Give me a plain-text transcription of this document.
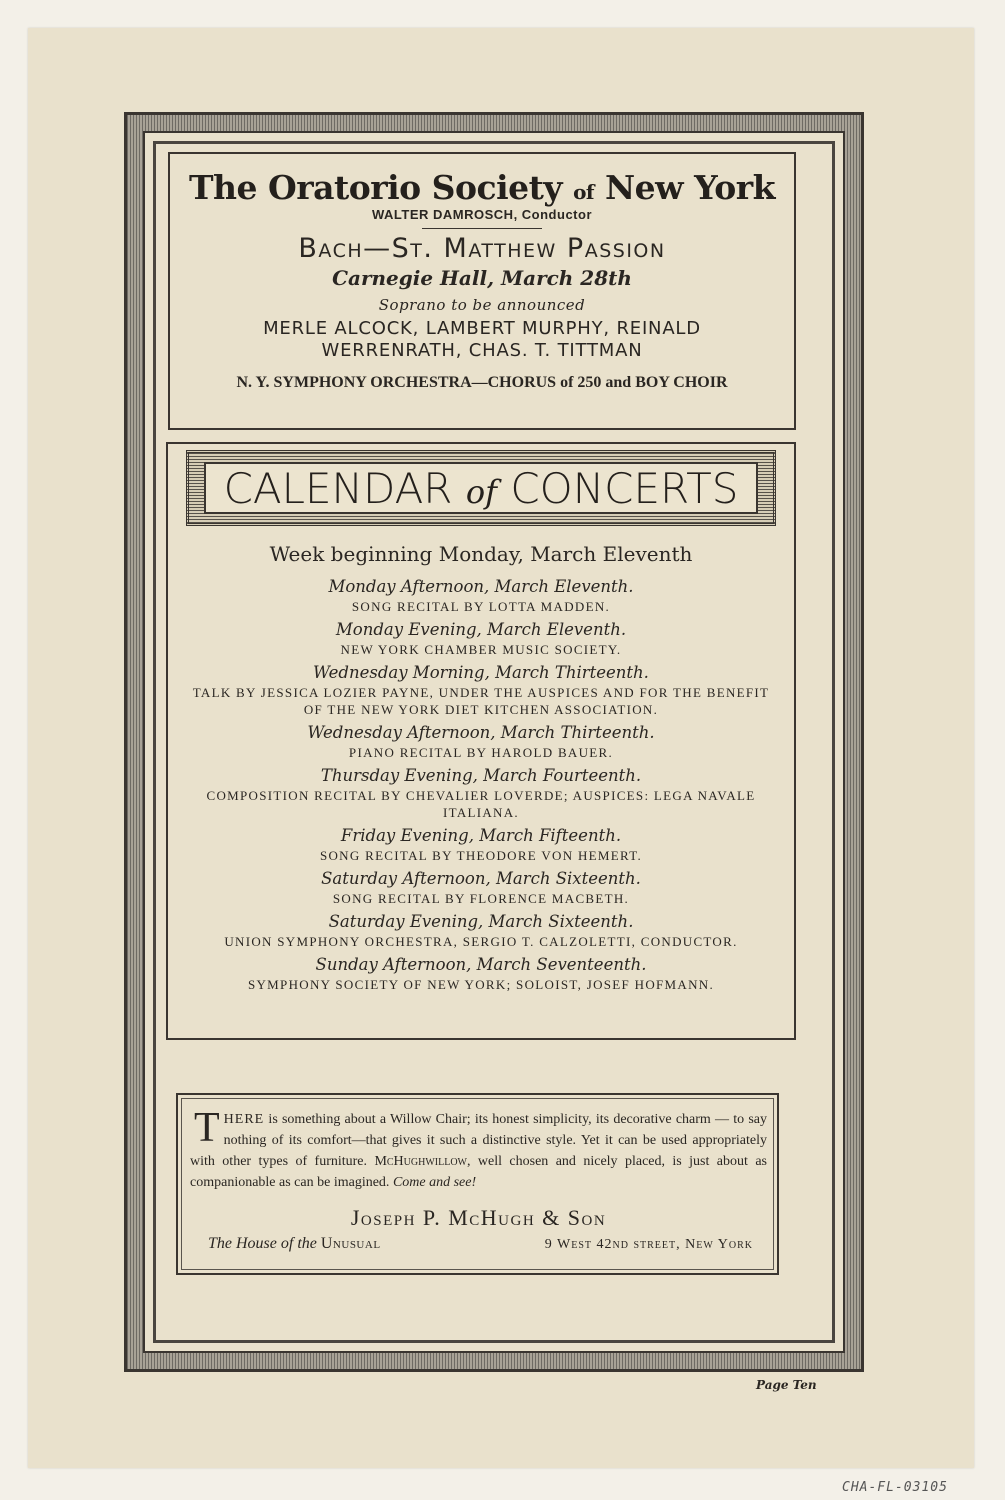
The Oratorio Society of New York
WALTER DAMROSCH, Conductor
Bach—St. Matthew Passion
Carnegie Hall, March 28th
Soprano to be announced
MERLE ALCOCK, LAMBERT MURPHY, REINALD
WERRENRATH, CHAS. T. TITTMAN
N. Y. SYMPHONY ORCHESTRA—CHORUS of 250 and BOY CHOIR
CALENDAR of CONCERTS
Week beginning Monday, March Eleventh
Monday Afternoon, March Eleventh.
SONG RECITAL BY LOTTA MADDEN.
Monday Evening, March Eleventh.
NEW YORK CHAMBER MUSIC SOCIETY.
Wednesday Morning, March Thirteenth.
TALK BY JESSICA LOZIER PAYNE, UNDER THE AUSPICES AND FOR THE BENEFIT OF THE NEW YORK DIET KITCHEN ASSOCIATION.
Wednesday Afternoon, March Thirteenth.
PIANO RECITAL BY HAROLD BAUER.
Thursday Evening, March Fourteenth.
COMPOSITION RECITAL BY CHEVALIER LOVERDE; AUSPICES: LEGA NAVALE ITALIANA.
Friday Evening, March Fifteenth.
SONG RECITAL BY THEODORE VON HEMERT.
Saturday Afternoon, March Sixteenth.
SONG RECITAL BY FLORENCE MACBETH.
Saturday Evening, March Sixteenth.
UNION SYMPHONY ORCHESTRA, SERGIO T. CALZOLETTI, CONDUCTOR.
Sunday Afternoon, March Seventeenth.
SYMPHONY SOCIETY OF NEW YORK; SOLOIST, JOSEF HOFMANN.
THERE is something about a Willow Chair; its honest simplicity, its decorative charm — to say nothing of its comfort—that gives it such a distinctive style. Yet it can be used appropriately with other types of furniture. McHughwillow, well chosen and nicely placed, is just about as companionable as can be imagined. Come and see!
Joseph P. McHugh & Son
The House of the Unusual	9 West 42nd street, New York
Page Ten
CHA-FL-03105
